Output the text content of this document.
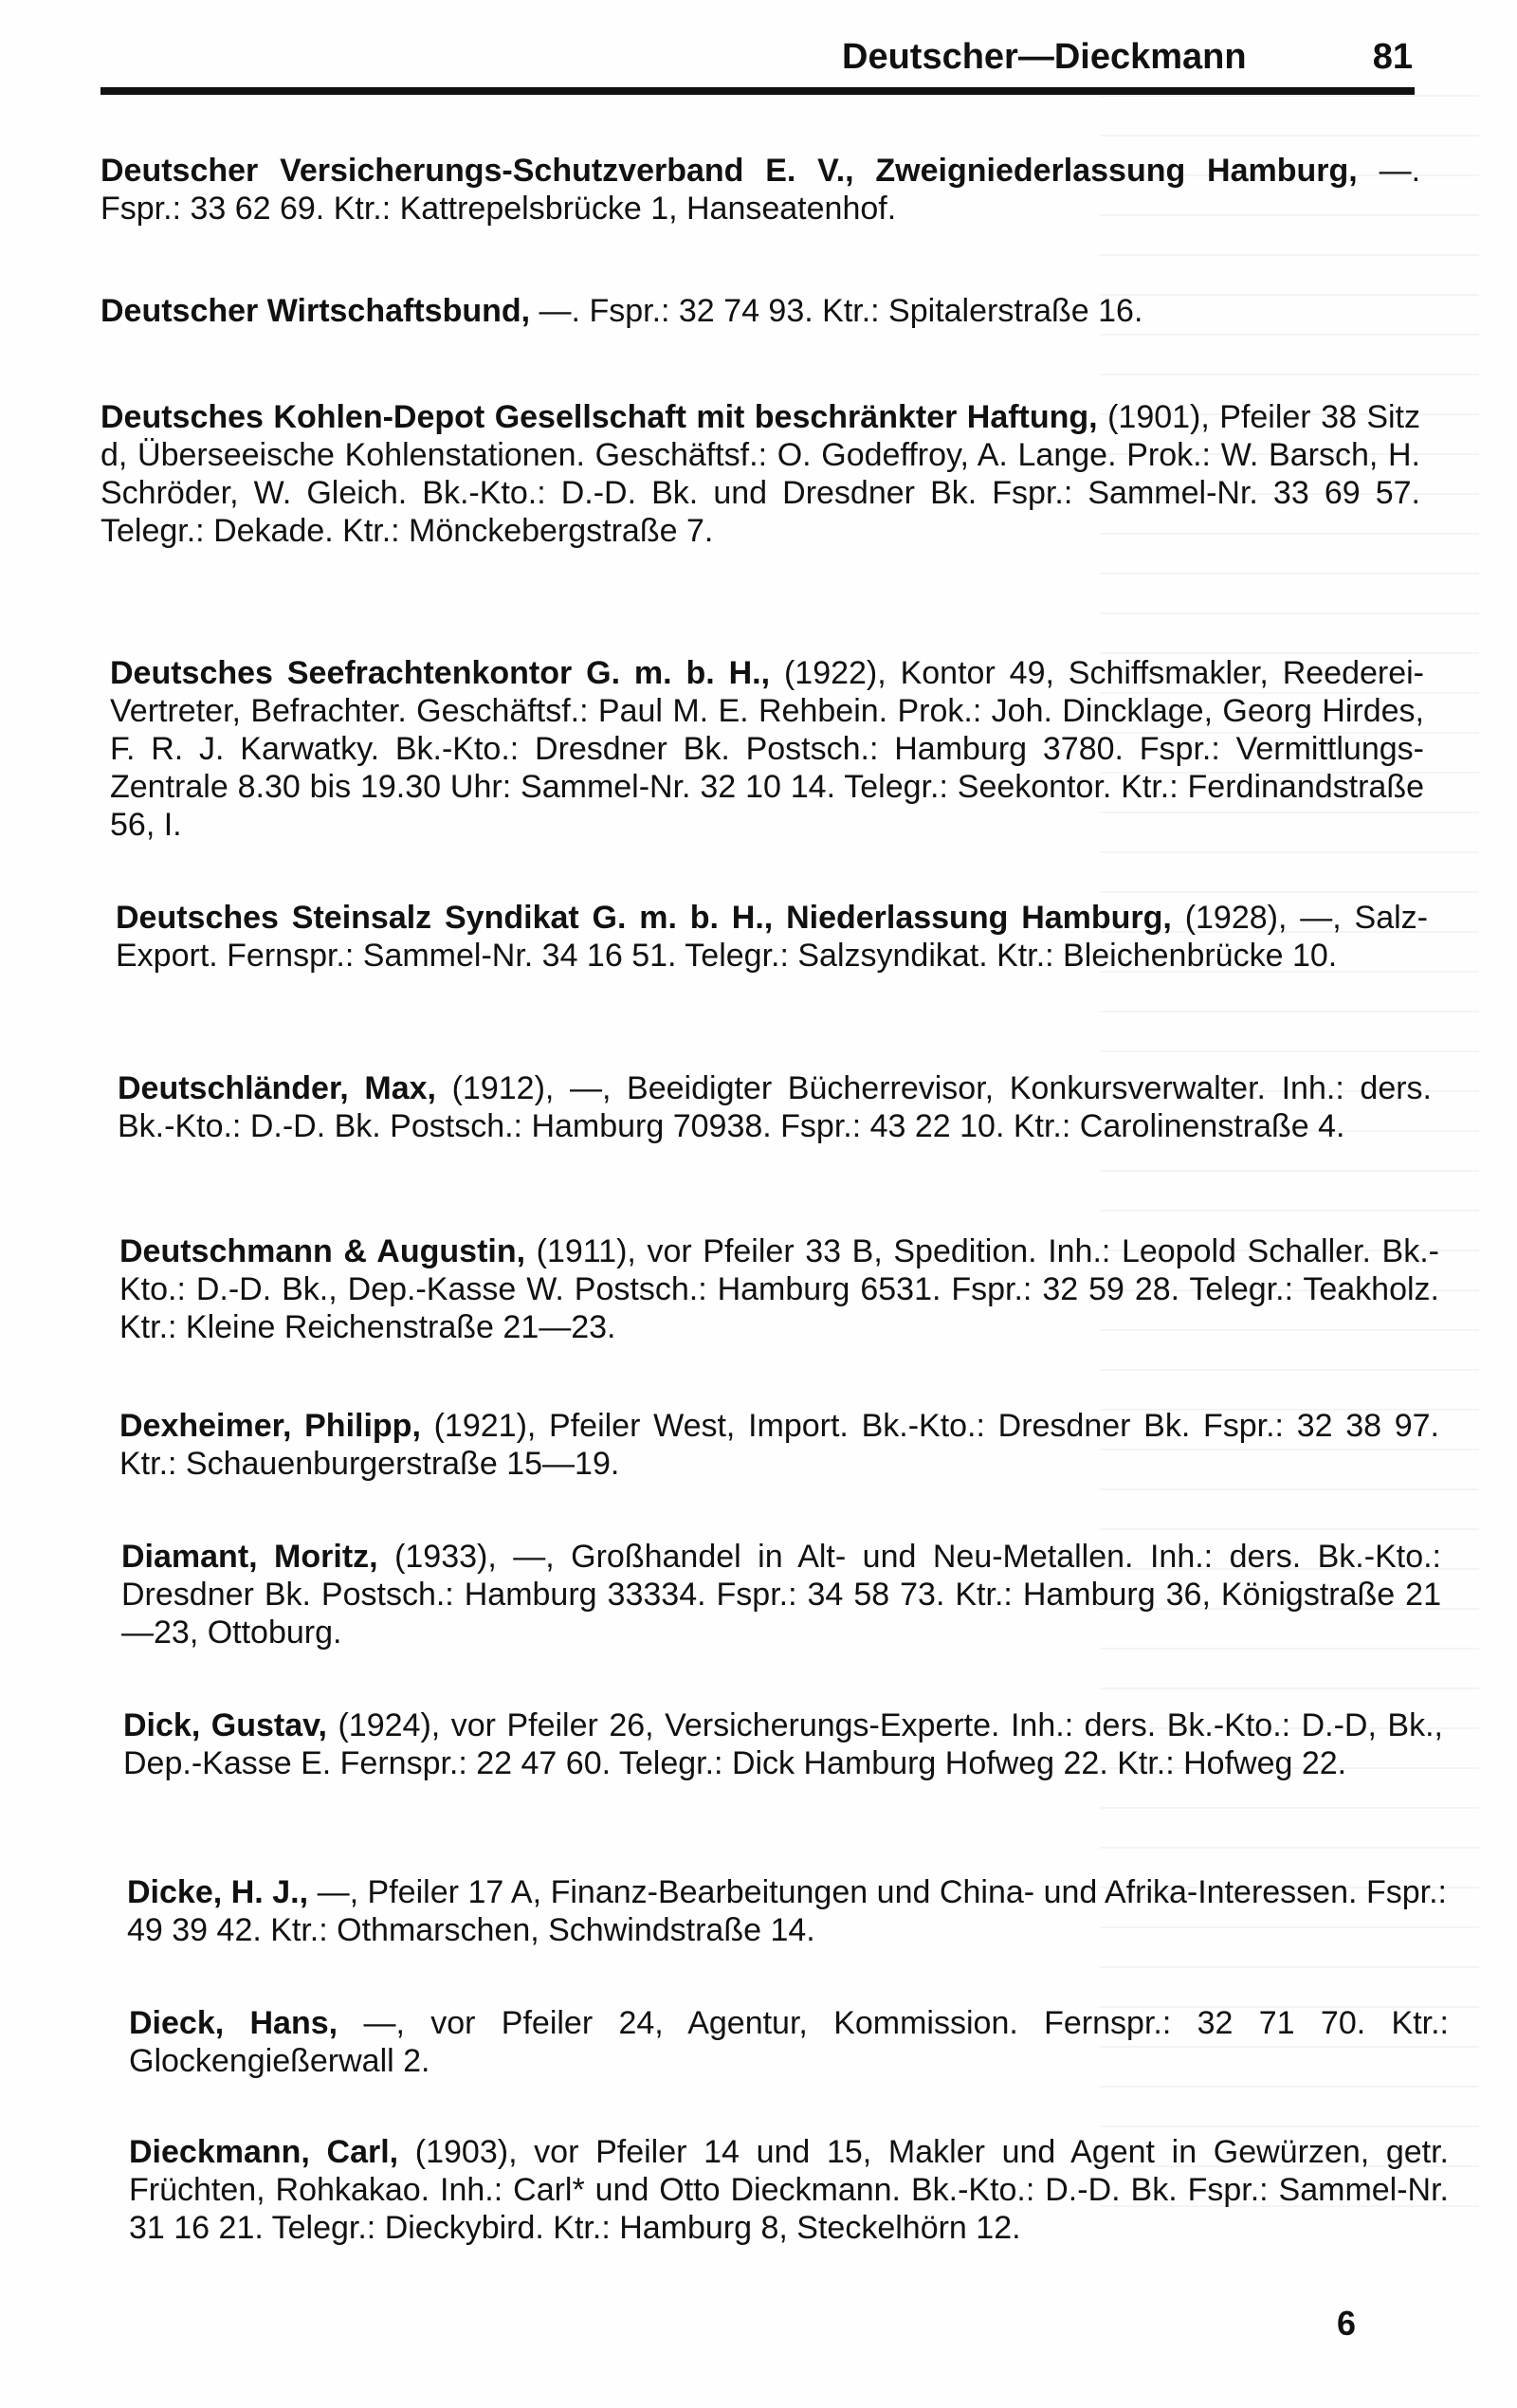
Deutscher—Dieckmann	81
Deutscher Versicherungs-Schutzverband E. V., Zweigniederlassung Hamburg, —. Fspr.: 33 62 69. Ktr.: Kattrepelsbrücke 1, Hanseatenhof.
Deutscher Wirtschaftsbund, —. Fspr.: 32 74 93. Ktr.: Spitalerstraße 16.
Deutsches Kohlen-Depot Gesellschaft mit beschränkter Haftung, (1901), Pfeiler 38 Sitz d, Überseeische Kohlenstationen. Geschäftsf.: O. Godeffroy, A. Lange. Prok.: W. Barsch, H. Schröder, W. Gleich. Bk.-Kto.: D.-D. Bk. und Dresdner Bk. Fspr.: Sammel-Nr. 33 69 57. Telegr.: Dekade. Ktr.: Mönckebergstraße 7.
Deutsches Seefrachtenkontor G. m. b. H., (1922), Kontor 49, Schiffsmakler, Reederei-Vertreter, Befrachter. Geschäftsf.: Paul M. E. Rehbein. Prok.: Joh. Dincklage, Georg Hirdes, F. R. J. Karwatky. Bk.-Kto.: Dresdner Bk. Postsch.: Hamburg 3780. Fspr.: Vermittlungs-Zentrale 8.30 bis 19.30 Uhr: Sammel-Nr. 32 10 14. Telegr.: Seekontor. Ktr.: Ferdinandstraße 56, I.
Deutsches Steinsalz Syndikat G. m. b. H., Niederlassung Hamburg, (1928), —, Salz-Export. Fernspr.: Sammel-Nr. 34 16 51. Telegr.: Salzsyndikat. Ktr.: Bleichenbrücke 10.
Deutschländer, Max, (1912), —, Beeidigter Bücherrevisor, Konkursverwalter. Inh.: ders. Bk.-Kto.: D.-D. Bk. Postsch.: Hamburg 70938. Fspr.: 43 22 10. Ktr.: Carolinenstraße 4.
Deutschmann & Augustin, (1911), vor Pfeiler 33 B, Spedition. Inh.: Leopold Schaller. Bk.-Kto.: D.-D. Bk., Dep.-Kasse W. Postsch.: Hamburg 6531. Fspr.: 32 59 28. Telegr.: Teakholz. Ktr.: Kleine Reichenstraße 21—23.
Dexheimer, Philipp, (1921), Pfeiler West, Import. Bk.-Kto.: Dresdner Bk. Fspr.: 32 38 97. Ktr.: Schauenburgerstraße 15—19.
Diamant, Moritz, (1933), —, Großhandel in Alt- und Neu-Metallen. Inh.: ders. Bk.-Kto.: Dresdner Bk. Postsch.: Hamburg 33334. Fspr.: 34 58 73. Ktr.: Hamburg 36, Königstraße 21—23, Ottoburg.
Dick, Gustav, (1924), vor Pfeiler 26, Versicherungs-Experte. Inh.: ders. Bk.-Kto.: D.-D, Bk., Dep.-Kasse E. Fernspr.: 22 47 60. Telegr.: Dick Hamburg Hofweg 22. Ktr.: Hofweg 22.
Dicke, H. J., —, Pfeiler 17 A, Finanz-Bearbeitungen und China- und Afrika-Interessen. Fspr.: 49 39 42. Ktr.: Othmarschen, Schwindstraße 14.
Dieck, Hans, —, vor Pfeiler 24, Agentur, Kommission. Fernspr.: 32 71 70. Ktr.: Glockengießerwall 2.
Dieckmann, Carl, (1903), vor Pfeiler 14 und 15, Makler und Agent in Gewürzen, getr. Früchten, Rohkakao. Inh.: Carl* und Otto Dieckmann. Bk.-Kto.: D.-D. Bk. Fspr.: Sammel-Nr. 31 16 21. Telegr.: Dieckybird. Ktr.: Hamburg 8, Steckelhörn 12.
6
